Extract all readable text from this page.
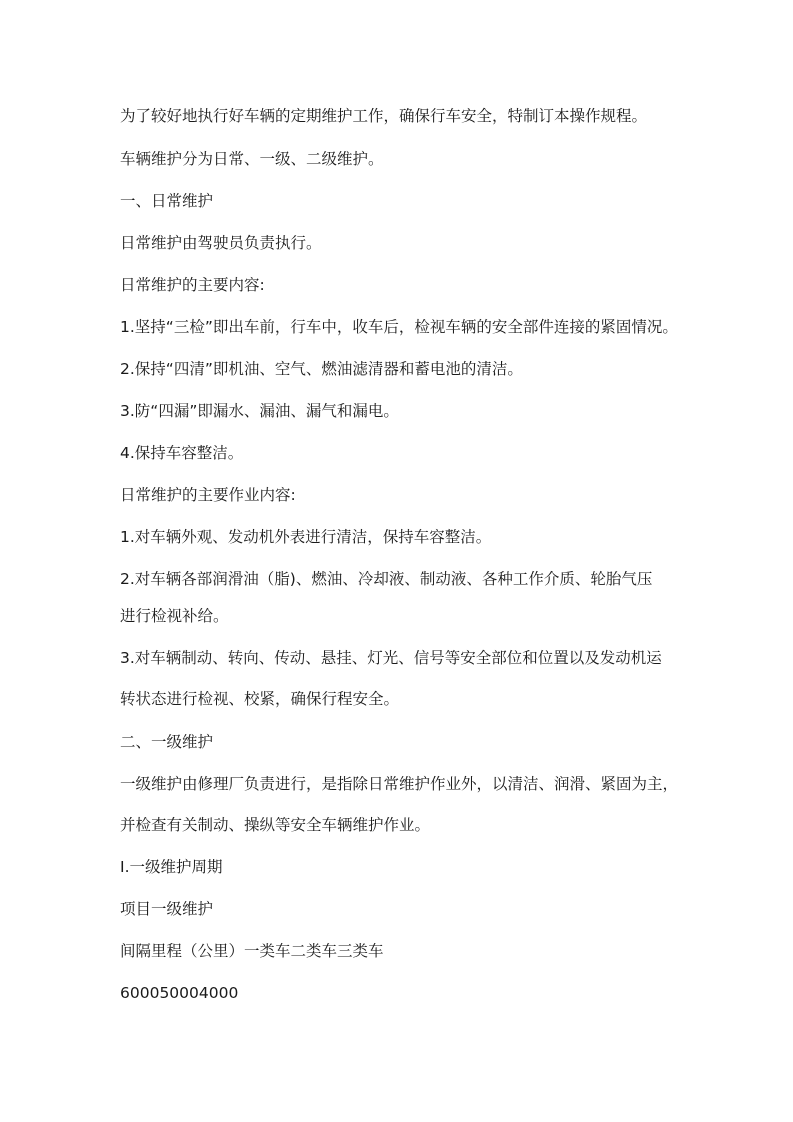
为了较好地执行好车辆的定期维护工作，确保行车安全，特制订本操作规程。
车辆维护分为日常、一级、二级维护。
一、日常维护
日常维护由驾驶员负责执行。
日常维护的主要内容:
1.坚持“三检”即出车前，行车中，收车后，检视车辆的安全部件连接的紧固情况。
2.保持“四清”即机油、空气、燃油滤清器和蓄电池的清洁。
3.防“四漏”即漏水、漏油、漏气和漏电。
4.保持车容整洁。
日常维护的主要作业内容:
1.对车辆外观、发动机外表进行清洁，保持车容整洁。
2.对车辆各部润滑油（脂)、燃油、冷却液、制动液、各种工作介质、轮胎气压
进行检视补给。
3.对车辆制动、转向、传动、悬挂、灯光、信号等安全部位和位置以及发动机运
转状态进行检视、校紧，确保行程安全。
二、一级维护
一级维护由修理厂负责进行，是指除日常维护作业外，以清洁、润滑、紧固为主，
并检查有关制动、操纵等安全车辆维护作业。
Ⅰ.一级维护周期
项目一级维护
间隔里程（公里）一类车二类车三类车
600050004000
